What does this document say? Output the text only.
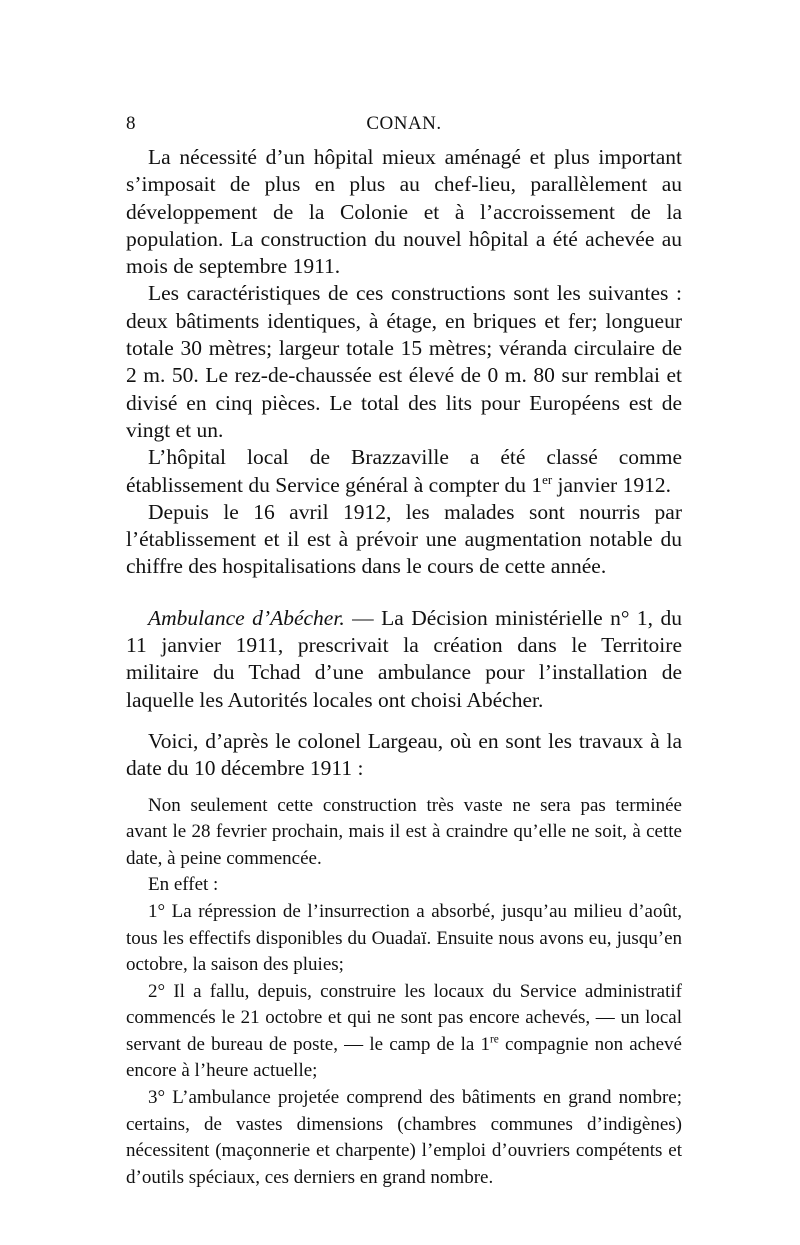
8	CONAN.

La nécessité d’un hôpital mieux aménagé et plus important s’imposait de plus en plus au chef-lieu, parallèlement au développement de la Colonie et à l’accroissement de la population. La construction du nouvel hôpital a été achevée au mois de septembre 1911.

Les caractéristiques de ces constructions sont les suivantes : deux bâtiments identiques, à étage, en briques et fer; longueur totale 30 mètres; largeur totale 15 mètres; véranda circulaire de 2 m. 50. Le rez-de-chaussée est élevé de 0 m. 80 sur remblai et divisé en cinq pièces. Le total des lits pour Européens est de vingt et un.

L’hôpital local de Brazzaville a été classé comme établissement du Service général à compter du 1er janvier 1912.

Depuis le 16 avril 1912, les malades sont nourris par l’établissement et il est à prévoir une augmentation notable du chiffre des hospitalisations dans le cours de cette année.

Ambulance d’Abécher. — La Décision ministérielle n° 1, du 11 janvier 1911, prescrivait la création dans le Territoire militaire du Tchad d’une ambulance pour l’installation de laquelle les Autorités locales ont choisi Abécher.

Voici, d’après le colonel Largeau, où en sont les travaux à la date du 10 décembre 1911 :

Non seulement cette construction très vaste ne sera pas terminée avant le 28 fevrier prochain, mais il est à craindre qu’elle ne soit, à cette date, à peine commencée.

En effet :

1° La répression de l’insurrection a absorbé, jusqu’au milieu d’août, tous les effectifs disponibles du Ouadaï. Ensuite nous avons eu, jusqu’en octobre, la saison des pluies;

2° Il a fallu, depuis, construire les locaux du Service administratif commencés le 21 octobre et qui ne sont pas encore achevés, — un local servant de bureau de poste, — le camp de la 1re compagnie non achevé encore à l’heure actuelle;

3° L’ambulance projetée comprend des bâtiments en grand nombre; certains, de vastes dimensions (chambres communes d’indigènes) nécessitent (maçonnerie et charpente) l’emploi d’ouvriers compétents et d’outils spéciaux, ces derniers en grand nombre.
